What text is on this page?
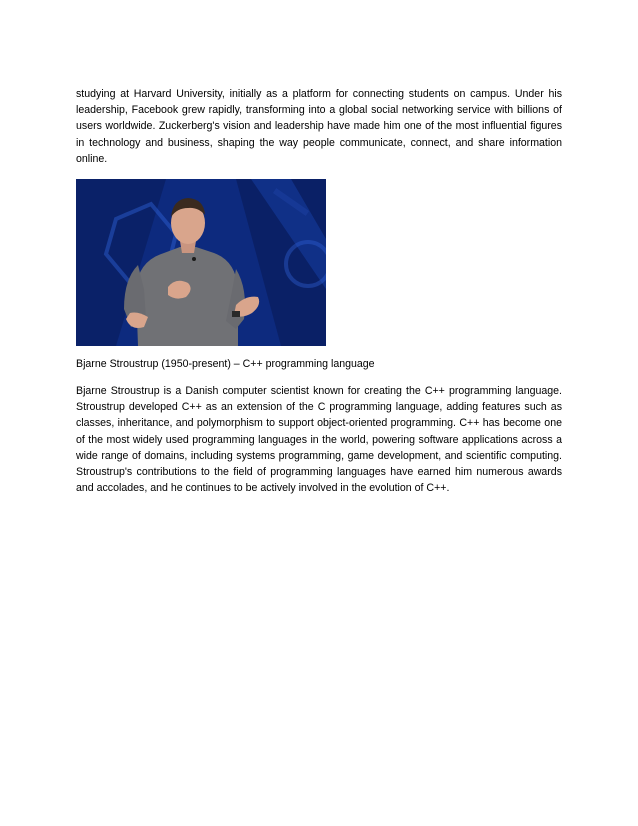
studying at Harvard University, initially as a platform for connecting students on campus. Under his leadership, Facebook grew rapidly, transforming into a global social networking service with billions of users worldwide. Zuckerberg's vision and leadership have made him one of the most influential figures in technology and business, shaping the way people communicate, connect, and share information online.

Bjarne Stroustrup (1950-present) – C++ programming language

Bjarne Stroustrup is a Danish computer scientist known for creating the C++ programming language. Stroustrup developed C++ as an extension of the C programming language, adding features such as classes, inheritance, and polymorphism to support object-oriented programming. C++ has become one of the most widely used programming languages in the world, powering software applications across a wide range of domains, including systems programming, game development, and scientific computing. Stroustrup's contributions to the field of programming languages have earned him numerous awards and accolades, and he continues to be actively involved in the evolution of C++.
